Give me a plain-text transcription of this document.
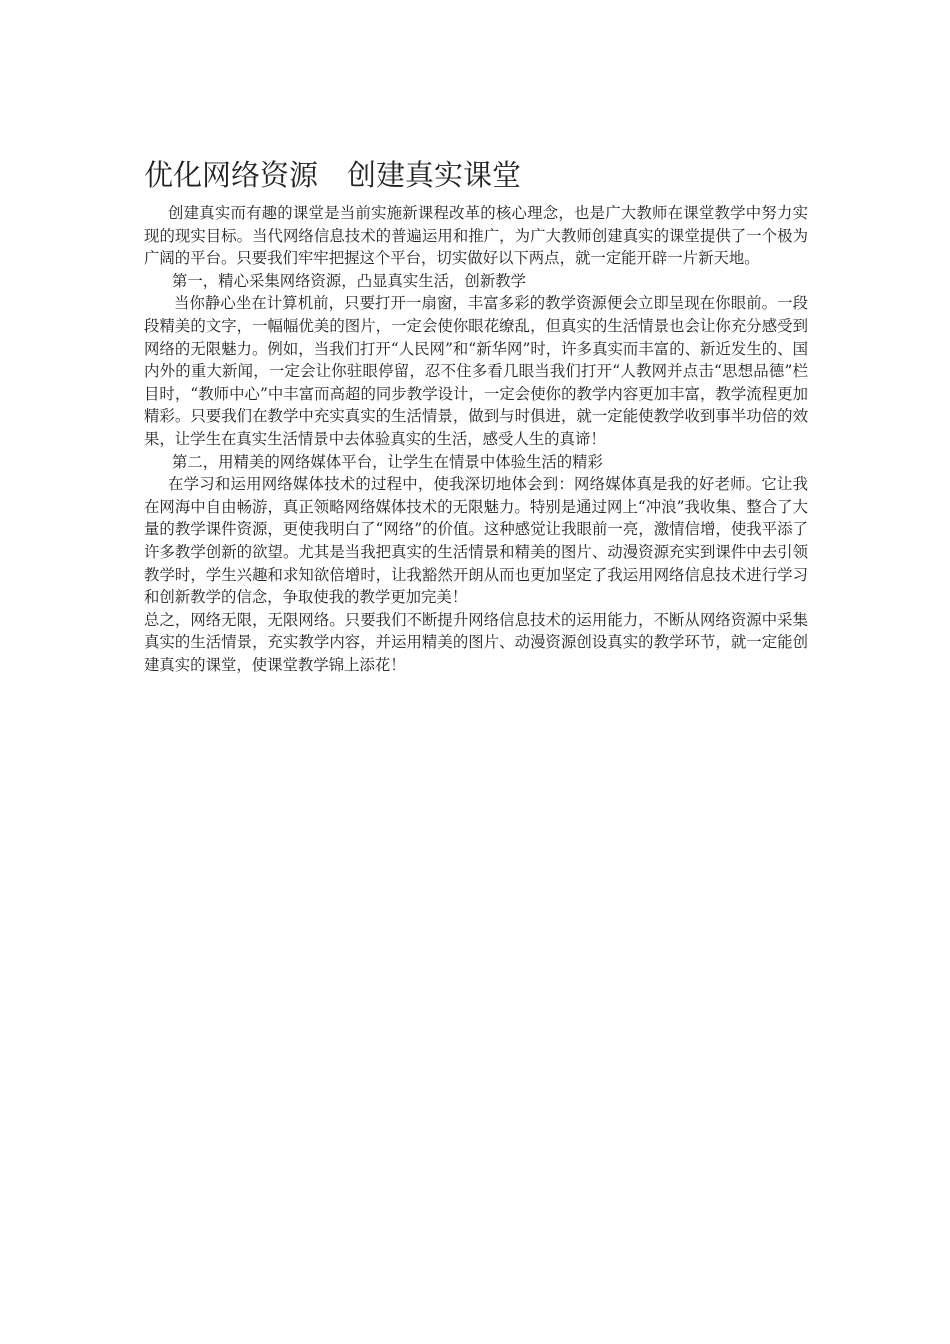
优化网络资源　创建真实课堂

创建真实而有趣的课堂是当前实施新课程改革的核心理念，也是广大教师在课堂教学中努力实现的现实目标。当代网络信息技术的普遍运用和推广，为广大教师创建真实的课堂提供了一个极为广阔的平台。只要我们牢牢把握这个平台，切实做好以下两点，就一定能开辟一片新天地。

第一，精心采集网络资源，凸显真实生活，创新教学

当你静心坐在计算机前，只要打开一扇窗，丰富多彩的教学资源便会立即呈现在你眼前。一段段精美的文字，一幅幅优美的图片，一定会使你眼花缭乱，但真实的生活情景也会让你充分感受到网络的无限魅力。例如，当我们打开“人民网”和“新华网”时，许多真实而丰富的、新近发生的、国内外的重大新闻，一定会让你驻眼停留，忍不住多看几眼当我们打开“人教网并点击“思想品德”栏目时，“教师中心”中丰富而高超的同步教学设计，一定会使你的教学内容更加丰富，教学流程更加精彩。只要我们在教学中充实真实的生活情景，做到与时俱进，就一定能使教学收到事半功倍的效果，让学生在真实生活情景中去体验真实的生活，感受人生的真谛！

第二，用精美的网络媒体平台，让学生在情景中体验生活的精彩

在学习和运用网络媒体技术的过程中，使我深切地体会到：网络媒体真是我的好老师。它让我在网海中自由畅游，真正领略网络媒体技术的无限魅力。特别是通过网上“冲浪”我收集、整合了大量的教学课件资源，更使我明白了“网络”的价值。这种感觉让我眼前一亮，激情信增，使我平添了许多教学创新的欲望。尤其是当我把真实的生活情景和精美的图片、动漫资源充实到课件中去引领教学时，学生兴趣和求知欲倍增时，让我豁然开朗从而也更加坚定了我运用网络信息技术进行学习和创新教学的信念，争取使我的教学更加完美！

总之，网络无限，无限网络。只要我们不断提升网络信息技术的运用能力，不断从网络资源中采集真实的生活情景，充实教学内容，并运用精美的图片、动漫资源创设真实的教学环节，就一定能创建真实的课堂，使课堂教学锦上添花！
